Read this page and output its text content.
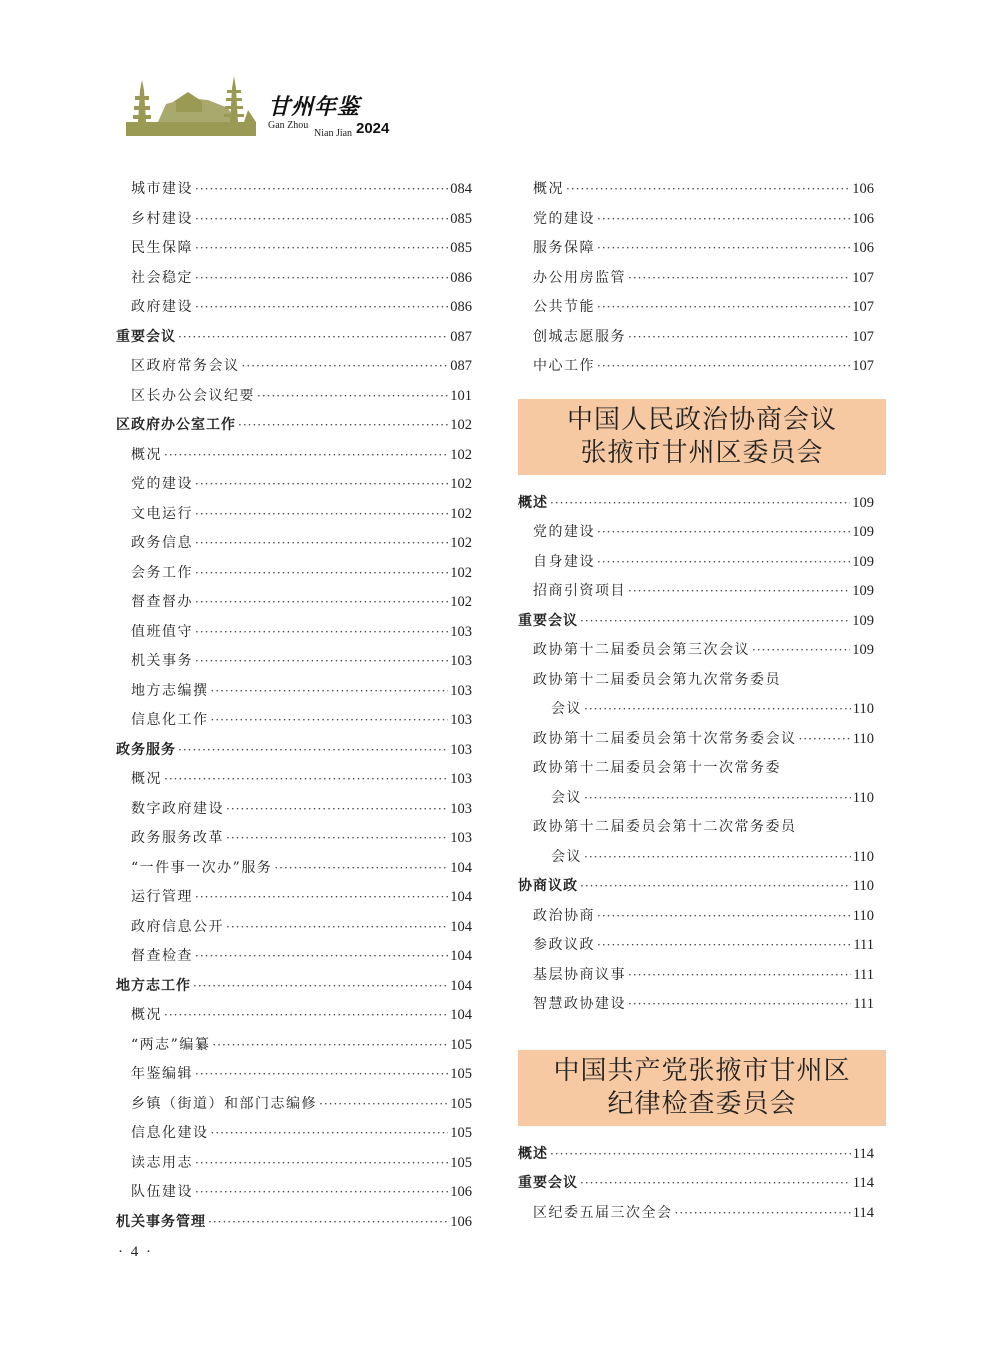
甘州年鉴
Gan Zhou
Nian Jian 2024
城市建设 ·····	084
乡村建设 ·····	085
民生保障 ·····	085
社会稳定 ·····	086
政府建设 ·····	086
重要会议 ·····	087
区政府常务会议 ·····	087
区长办公会议纪要 ·····	101
区政府办公室工作 ·····	102
概况 ·····	102
党的建设 ·····	102
文电运行 ·····	102
政务信息 ·····	102
会务工作 ·····	102
督查督办 ·····	102
值班值守 ·····	103
机关事务 ·····	103
地方志编撰 ·····	103
信息化工作 ·····	103
政务服务 ·····	103
概况 ·····	103
数字政府建设 ·····	103
政务服务改革 ·····	103
“一件事一次办”服务 ·····	104
运行管理 ·····	104
政府信息公开 ·····	104
督查检查 ·····	104
地方志工作 ·····	104
概况 ·····	104
“两志”编纂 ·····	105
年鉴编辑 ·····	105
乡镇（街道）和部门志编修 ·····	105
信息化建设 ·····	105
读志用志 ·····	105
队伍建设 ·····	106
机关事务管理 ·····	106
概况 ·····	106
党的建设 ·····	106
服务保障 ·····	106
办公用房监管 ·····	107
公共节能 ·····	107
创城志愿服务 ·····	107
中心工作 ·····	107
中国人民政治协商会议
张掖市甘州区委员会
概述 ·····	109
党的建设 ·····	109
自身建设 ·····	109
招商引资项目 ·····	109
重要会议 ·····	109
政协第十二届委员会第三次会议 ·····	109
政协第十二届委员会第九次常务委员
会议 ·····	110
政协第十二届委员会第十次常务委会议 ·····	110
政协第十二届委员会第十一次常务委
会议 ·····	110
政协第十二届委员会第十二次常务委员
会议 ·····	110
协商议政 ·····	110
政治协商 ·····	110
参政议政 ·····	111
基层协商议事 ·····	111
智慧政协建设 ·····	111
中国共产党张掖市甘州区
纪律检查委员会
概述 ·····	114
重要会议 ·····	114
区纪委五届三次全会 ·····	114
· 4 ·
